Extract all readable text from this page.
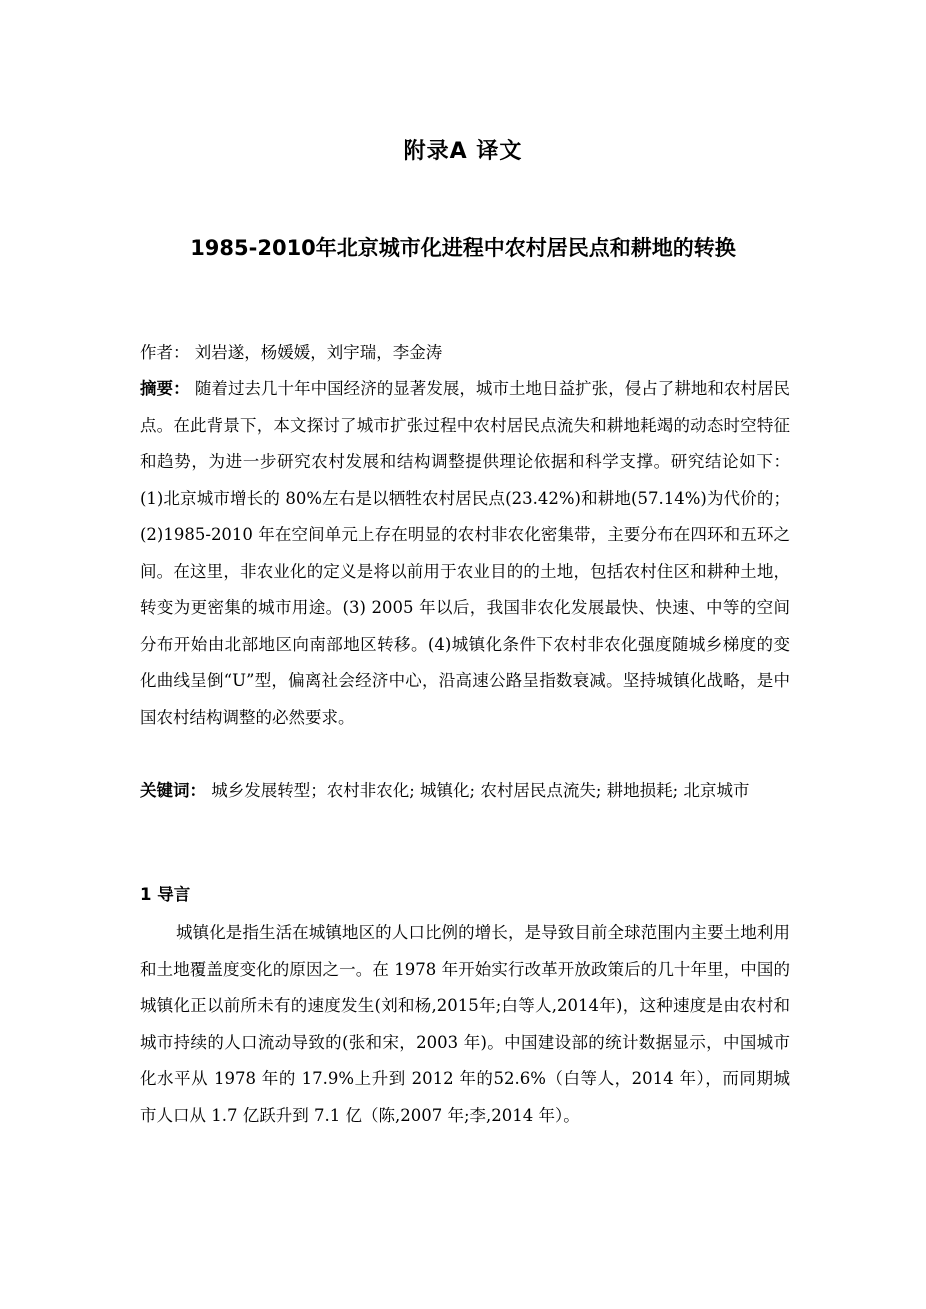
附录A 译文
1985-2010年北京城市化进程中农村居民点和耕地的转换

作者： 刘岩遂，杨媛媛，刘宇瑞，李金涛

摘要： 随着过去几十年中国经济的显著发展，城市土地日益扩张，侵占了耕地和农村居民点。在此背景下，本文探讨了城市扩张过程中农村居民点流失和耕地耗竭的动态时空特征和趋势，为进一步研究农村发展和结构调整提供理论依据和科学支撑。研究结论如下：(1)北京城市增长的 80%左右是以牺牲农村居民点(23.42%)和耕地(57.14%)为代价的；(2)1985-2010 年在空间单元上存在明显的农村非农化密集带，主要分布在四环和五环之间。在这里，非农业化的定义是将以前用于农业目的的土地，包括农村住区和耕种土地，转变为更密集的城市用途。(3) 2005 年以后，我国非农化发展最快、快速、中等的空间分布开始由北部地区向南部地区转移。(4)城镇化条件下农村非农化强度随城乡梯度的变化曲线呈倒“U”型，偏离社会经济中心，沿高速公路呈指数衰减。坚持城镇化战略，是中国农村结构调整的必然要求。

关键词： 城乡发展转型；农村非农化; 城镇化; 农村居民点流失; 耕地损耗; 北京城市

1 导言

城镇化是指生活在城镇地区的人口比例的增长，是导致目前全球范围内主要土地利用和土地覆盖度变化的原因之一。在 1978 年开始实行改革开放政策后的几十年里，中国的城镇化正以前所未有的速度发生(刘和杨,2015年;白等人,2014年)，这种速度是由农村和城市持续的人口流动导致的(张和宋，2003 年)。中国建设部的统计数据显示，中国城市化水平从 1978 年的 17.9%上升到 2012 年的52.6%（白等人，2014 年），而同期城市人口从 1.7 亿跃升到 7.1 亿（陈,2007 年;李,2014 年）。
